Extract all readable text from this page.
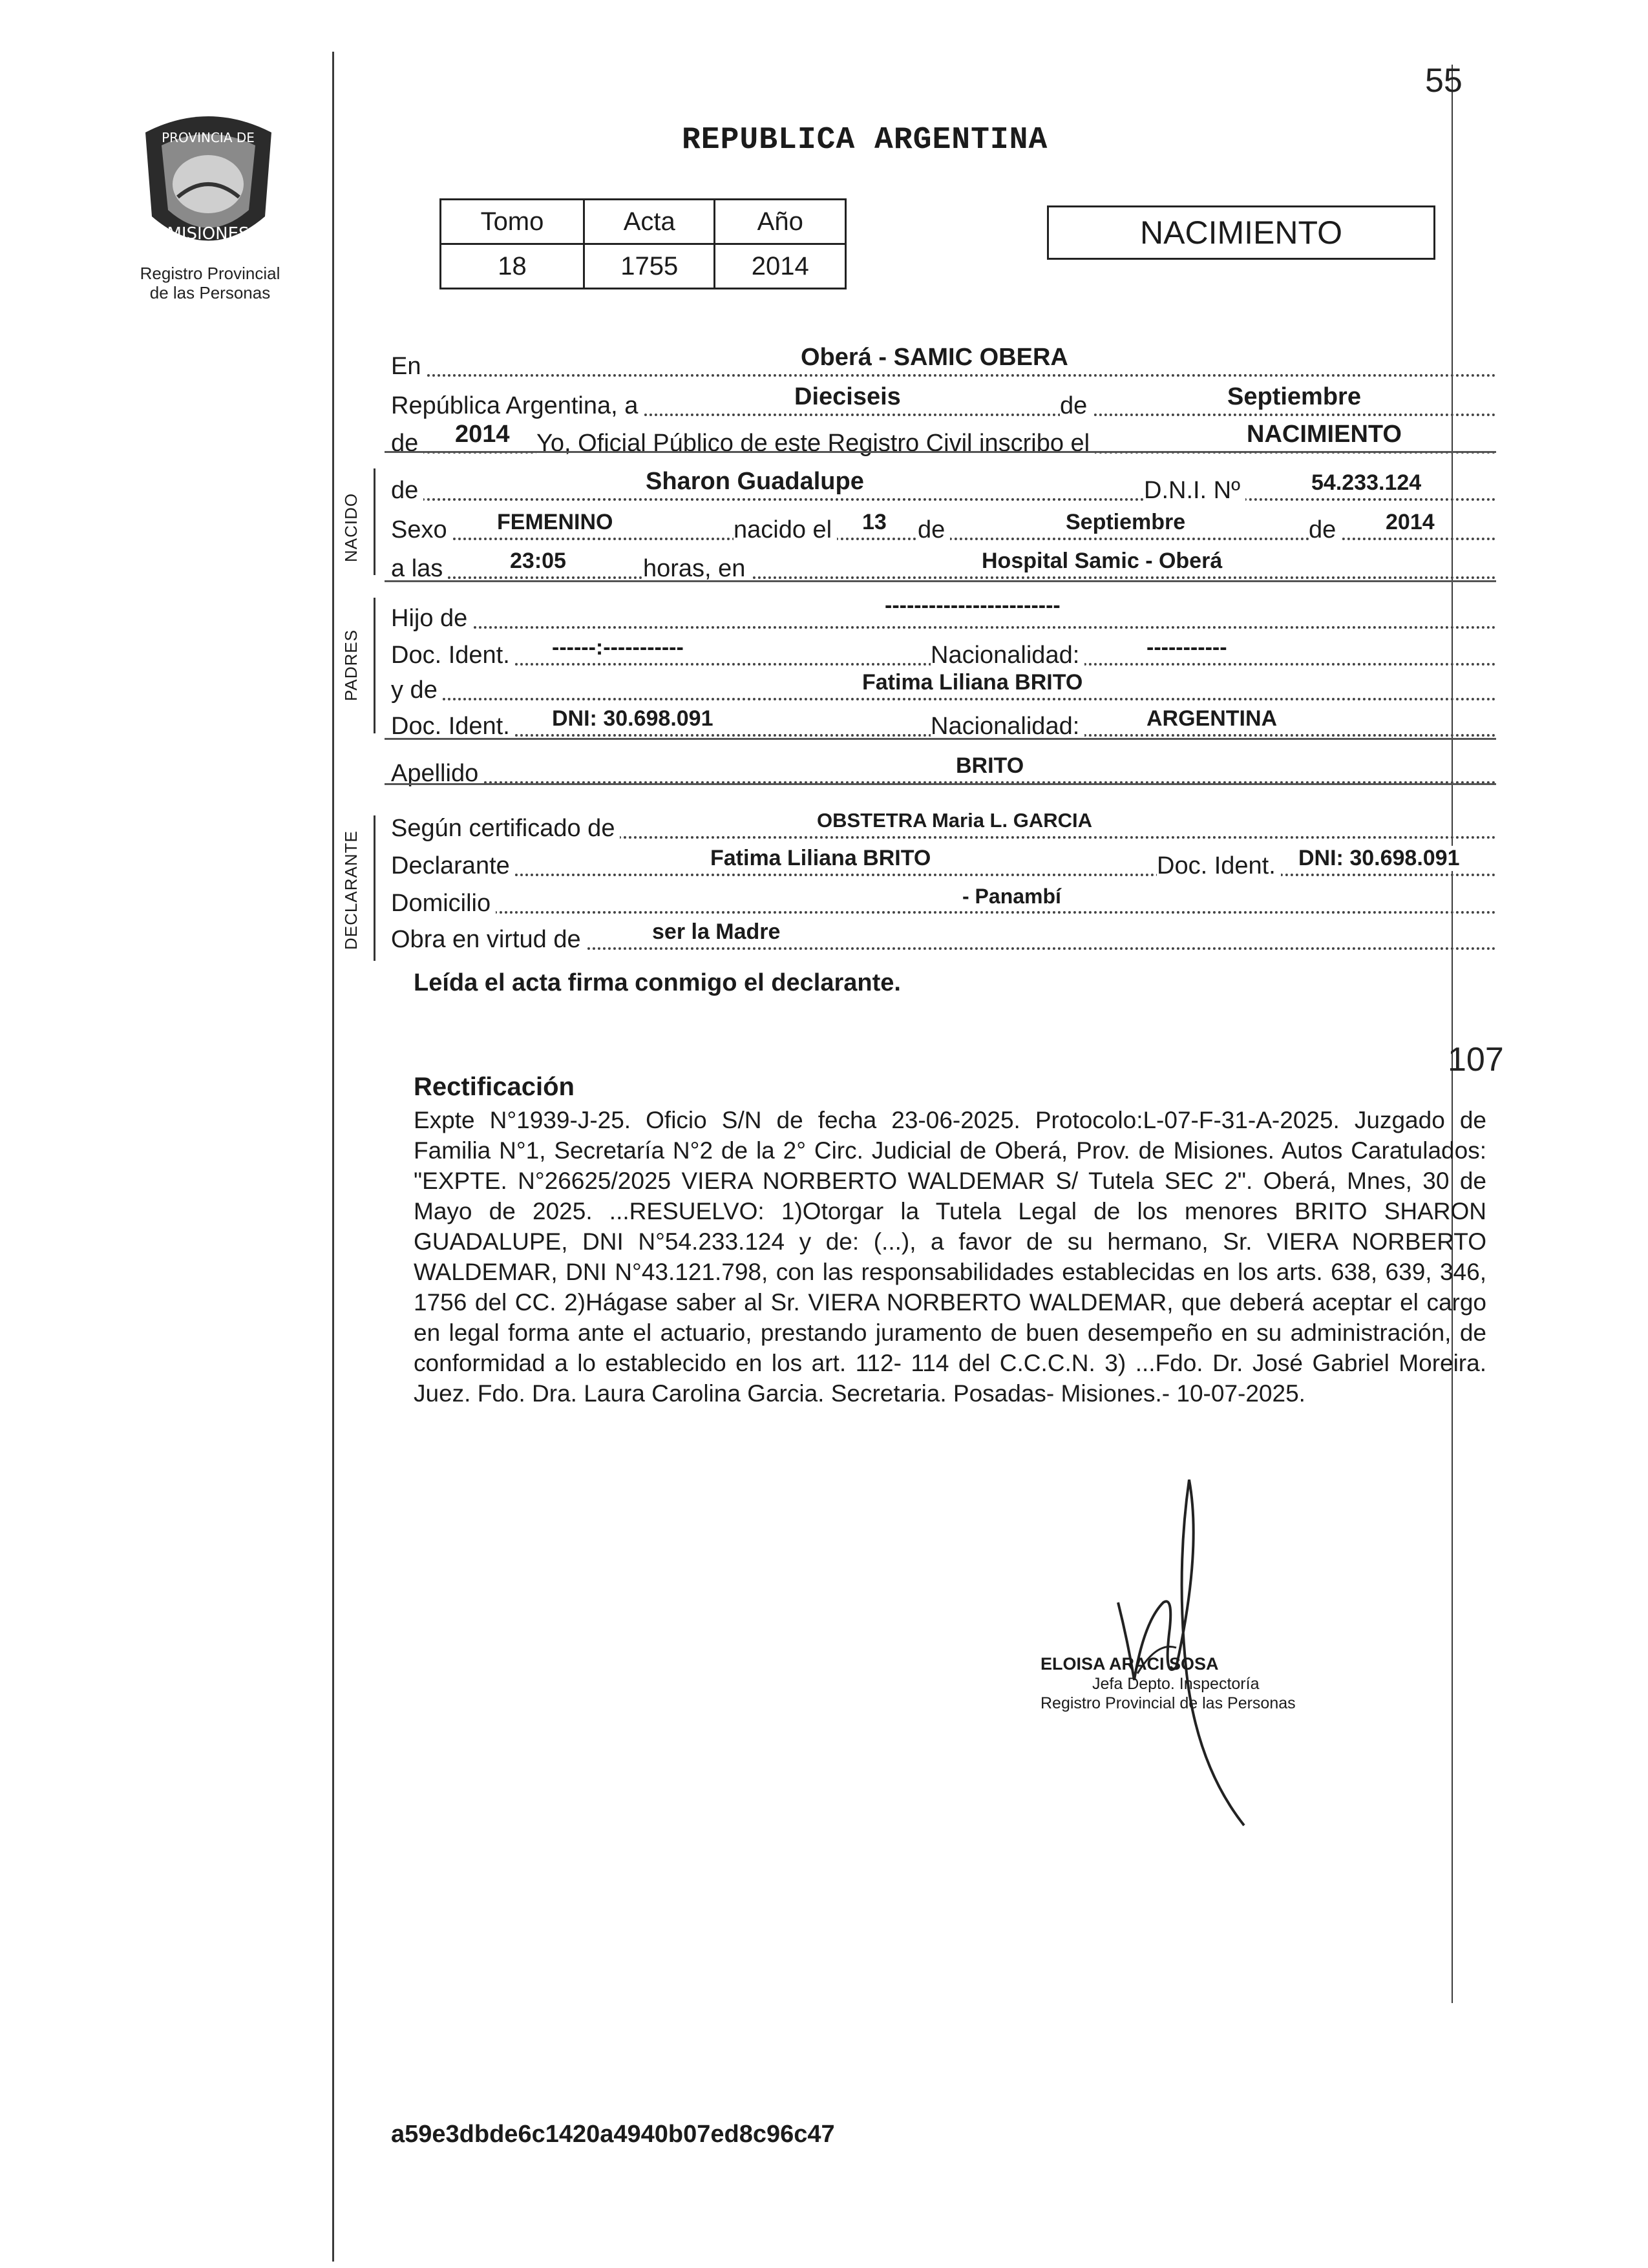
55
PROVINCIA DE
MISIONES
Registro Provincial
de las Personas
REPUBLICA ARGENTINA
Tomo	Acta	Año
18	1755	2014
NACIMIENTO
En	Oberá - SAMIC OBERA
República Argentina, a	Dieciseis	de	Septiembre
de 2014 Yo, Oficial Público de este Registro Civil inscribo el	NACIMIENTO
NACIDO
de	Sharon Guadalupe	D.N.I. Nº	54.233.124
Sexo FEMENINO	nacido el 13 de	Septiembre	de 2014
a las	23:05	horas, en	Hospital Samic - Oberá
PADRES
Hijo de	------------------------
Doc. Ident. ------:-----------	Nacionalidad:	-----------
y de	Fatima Liliana BRITO
Doc. Ident. DNI: 30.698.091	Nacionalidad:	ARGENTINA
Apellido	BRITO
DECLARANTE
Según certificado de	OBSTETRA Maria L. GARCIA
Declarante	Fatima Liliana BRITO	Doc. Ident. DNI: 30.698.091
Domicilio	- Panambí
Obra en virtud de	ser la Madre
Leída el acta firma conmigo el declarante.
107
Rectificación
Expte N°1939-J-25. Oficio S/N de fecha 23-06-2025. Protocolo:L-07-F-31-A-2025. Juzgado de Familia N°1, Secretaría N°2 de la 2° Circ. Judicial de Oberá, Prov. de Misiones. Autos Caratulados: "EXPTE. N°26625/2025 VIERA NORBERTO WALDEMAR S/ Tutela SEC 2". Oberá, Mnes, 30 de Mayo de 2025. ...RESUELVO: 1)Otorgar la Tutela Legal de los menores BRITO SHARON GUADALUPE, DNI N°54.233.124 y de: (...), a favor de su hermano, Sr. VIERA NORBERTO WALDEMAR, DNI N°43.121.798, con las responsabilidades establecidas en los arts. 638, 639, 346, 1756 del CC. 2)Hágase saber al Sr. VIERA NORBERTO WALDEMAR, que deberá aceptar el cargo en legal forma ante el actuario, prestando juramento de buen desempeño en su administración, de conformidad a lo establecido en los art. 112- 114 del C.C.C.N. 3) ...Fdo. Dr. José Gabriel Moreira. Juez. Fdo. Dra. Laura Carolina Garcia. Secretaria. Posadas- Misiones.- 10-07-2025.
ELOISA ARACI SOSA
Jefa Depto. Inspectoría
Registro Provincial de las Personas
a59e3dbde6c1420a4940b07ed8c96c47
